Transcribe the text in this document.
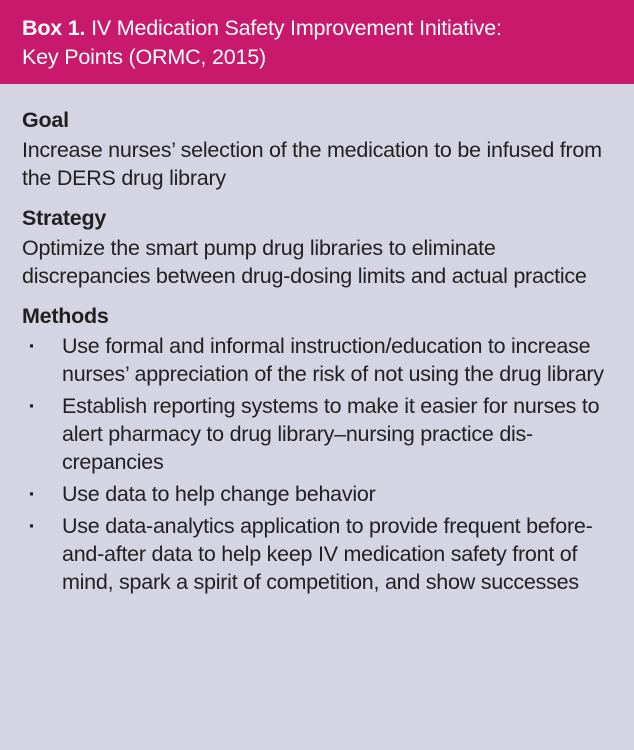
Box 1. IV Medication Safety Improvement Initiative:
Key Points (ORMC, 2015)
Goal

Increase nurses’ selection of the medication to be infused from the DERS drug library

Strategy

Optimize the smart pump drug libraries to eliminate discrepancies between drug-dosing limits and actual practice

Methods
·	Use formal and informal instruction/education to increase nurses’ appreciation of the risk of not using the drug library
·	Establish reporting systems to make it easier for nurses to alert pharmacy to drug library–nursing practice dis-crepancies
·	Use data to help change behavior
·	Use data-analytics application to provide frequent before-and-after data to help keep IV medication safety front of mind, spark a spirit of competition, and show successes
